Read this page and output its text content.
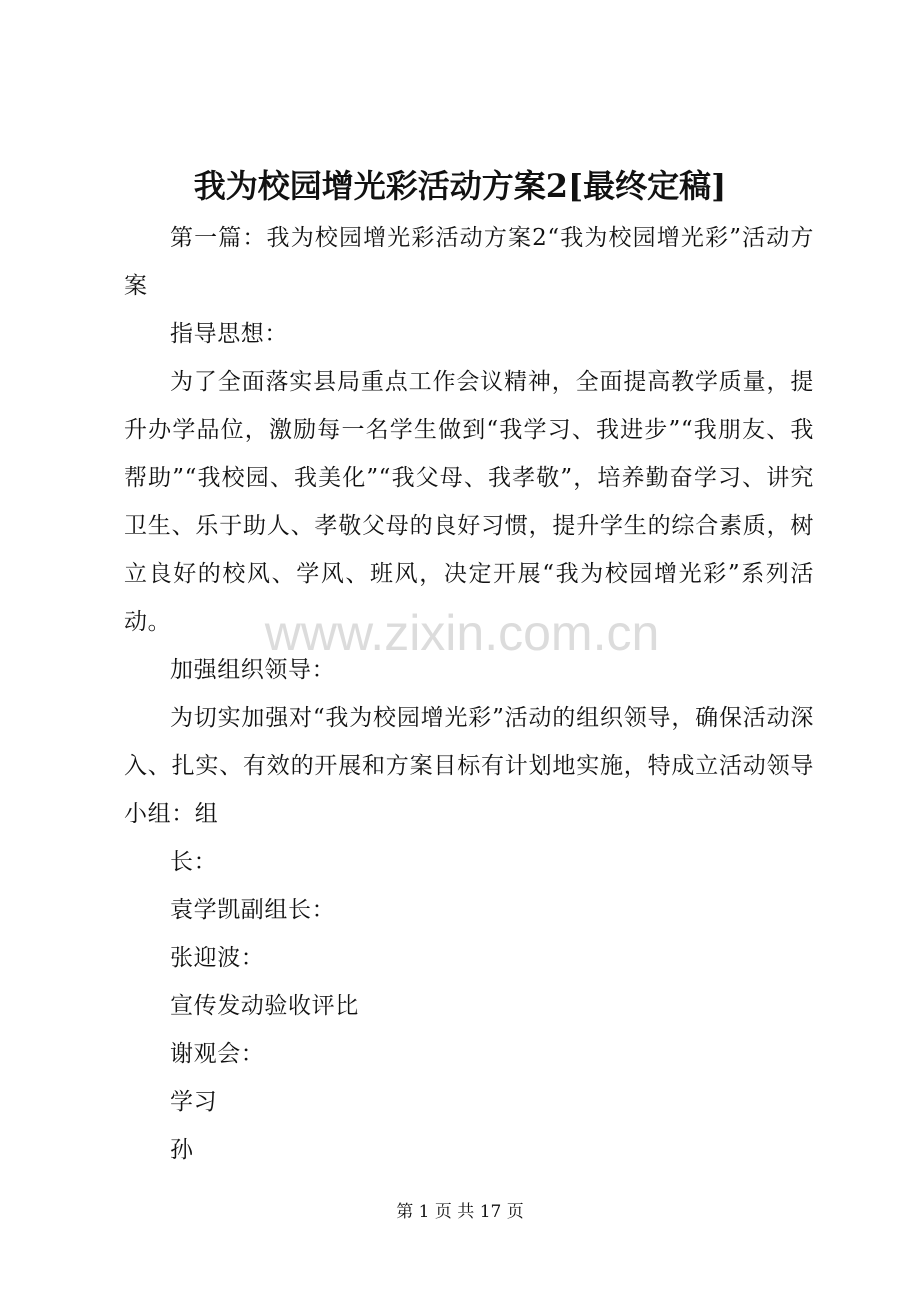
我为校园增光彩活动方案2[最终定稿]

第一篇：我为校园增光彩活动方案2“我为校园增光彩”活动方案

指导思想：

为了全面落实县局重点工作会议精神，全面提高教学质量，提升办学品位，激励每一名学生做到“我学习、我进步”“我朋友、我帮助”“我校园、我美化”“我父母、我孝敬”，培养勤奋学习、讲究卫生、乐于助人、孝敬父母的良好习惯，提升学生的综合素质，树立良好的校风、学风、班风，决定开展“我为校园增光彩”系列活动。

加强组织领导：

为切实加强对“我为校园增光彩”活动的组织领导，确保活动深入、扎实、有效的开展和方案目标有计划地实施，特成立活动领导小组：组

长：

袁学凯副组长：

张迎波：

宣传发动验收评比

谢观会：

学习

孙

www.zixin.com.cn
第 1 页 共 17 页
